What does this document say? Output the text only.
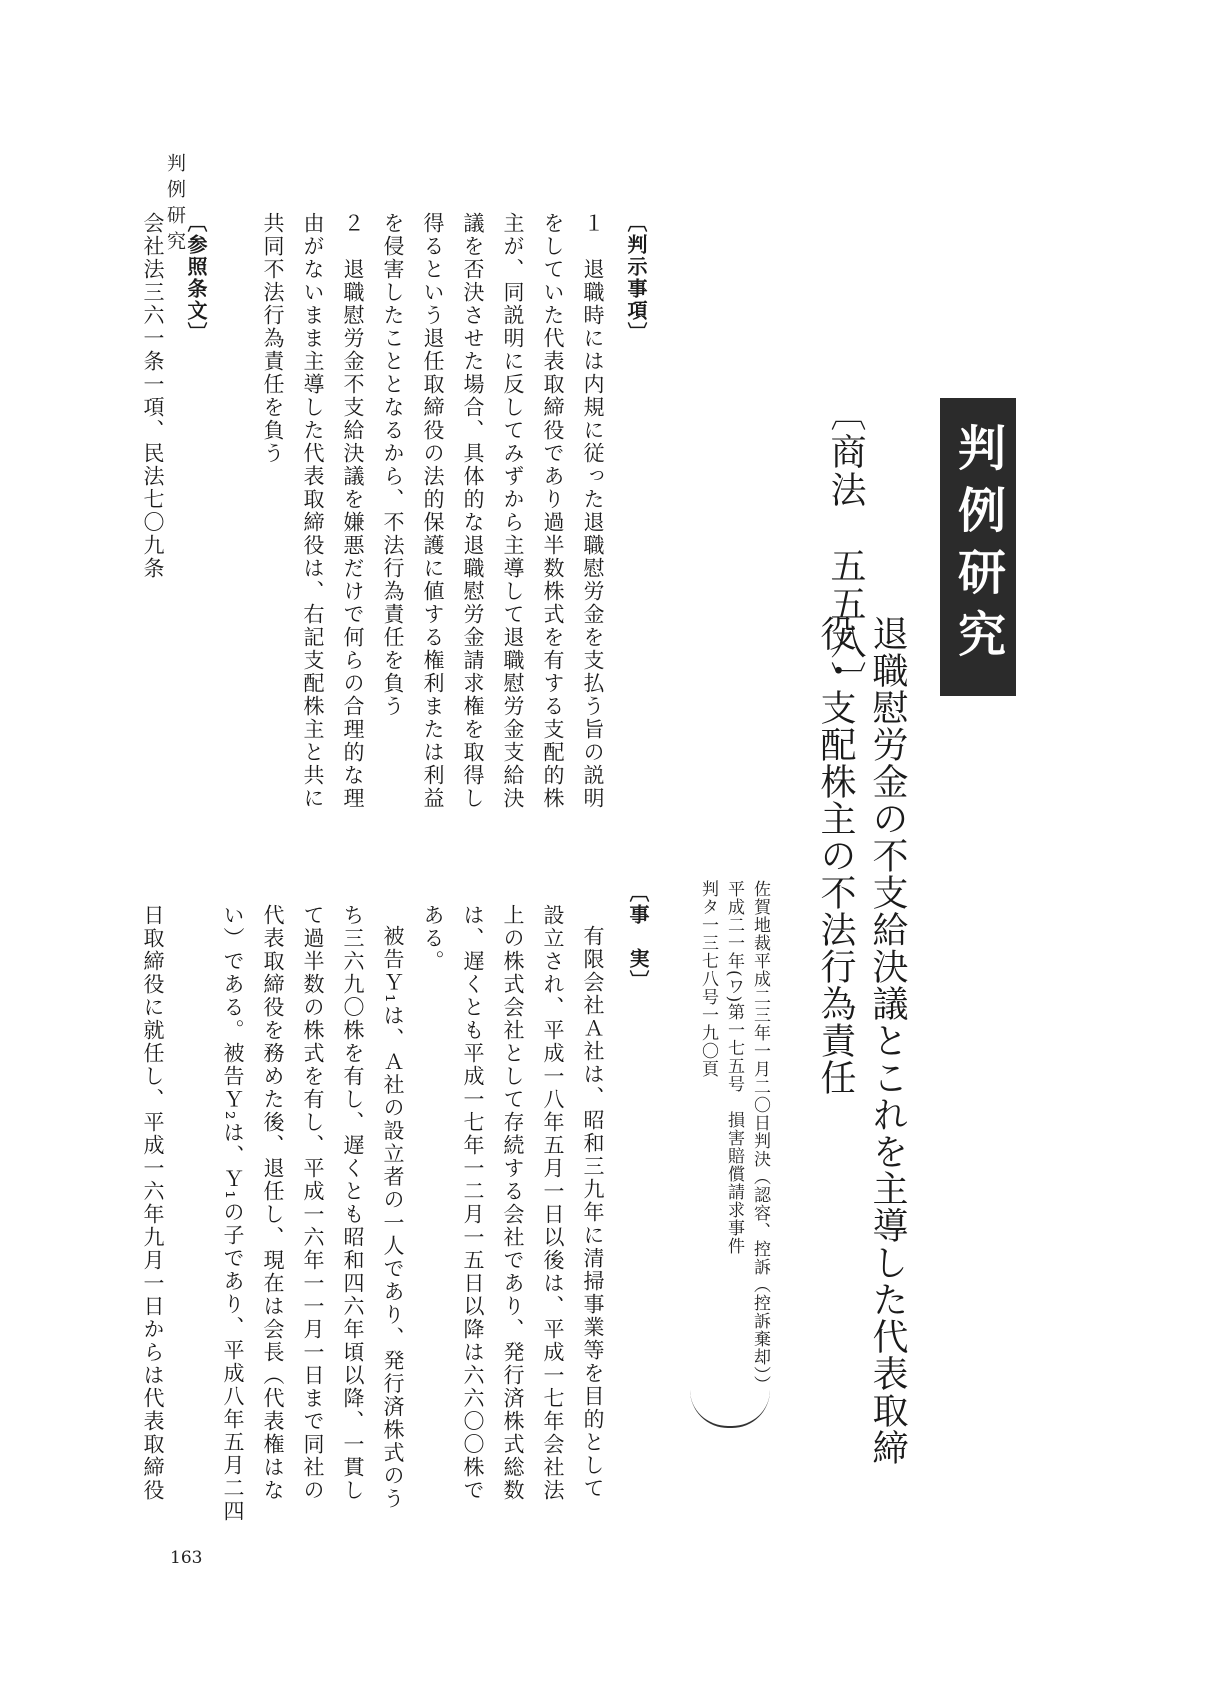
判例研究
163
判例研究
〔商法　五五八〕
退職慰労金の不支給決議とこれを主導した代表取締
役・支配株主の不法行為責任
佐賀地裁平成二三年一月二〇日判決（認容、控訴（控訴棄却））
平成二一年(ワ)第一七五号　損害賠償請求事件
判タ一三七八号一九〇頁
〔事　実〕
有限会社Ａ社は、昭和三九年に清掃事業等を目的として
設立され、平成一八年五月一日以後は、平成一七年会社法
上の株式会社として存続する会社であり、発行済株式総数
は、遅くとも平成一七年一二月一五日以降は六六〇〇株で
ある。
被告Ｙ₁は、Ａ社の設立者の一人であり、発行済株式のう
ち三六九〇株を有し、遅くとも昭和四六年頃以降、一貫し
て過半数の株式を有し、平成一六年一一月一日まで同社の
代表取締役を務めた後、退任し、現在は会長（代表権はな
い）である。被告Ｙ₂は、Ｙ₁の子であり、平成八年五月二四
日取締役に就任し、平成一六年九月一日からは代表取締役
〔判示事項〕
１　退職時には内規に従った退職慰労金を支払う旨の説明
をしていた代表取締役であり過半数株式を有する支配的株
主が、同説明に反してみずから主導して退職慰労金支給決
議を否決させた場合、具体的な退職慰労金請求権を取得し
得るという退任取締役の法的保護に値する権利または利益
を侵害したこととなるから、不法行為責任を負う
２　退職慰労金不支給決議を嫌悪だけで何らの合理的な理
由がないまま主導した代表取締役は、右記支配株主と共に
共同不法行為責任を負う
〔参照条文〕
会社法三六一条一項、民法七〇九条
